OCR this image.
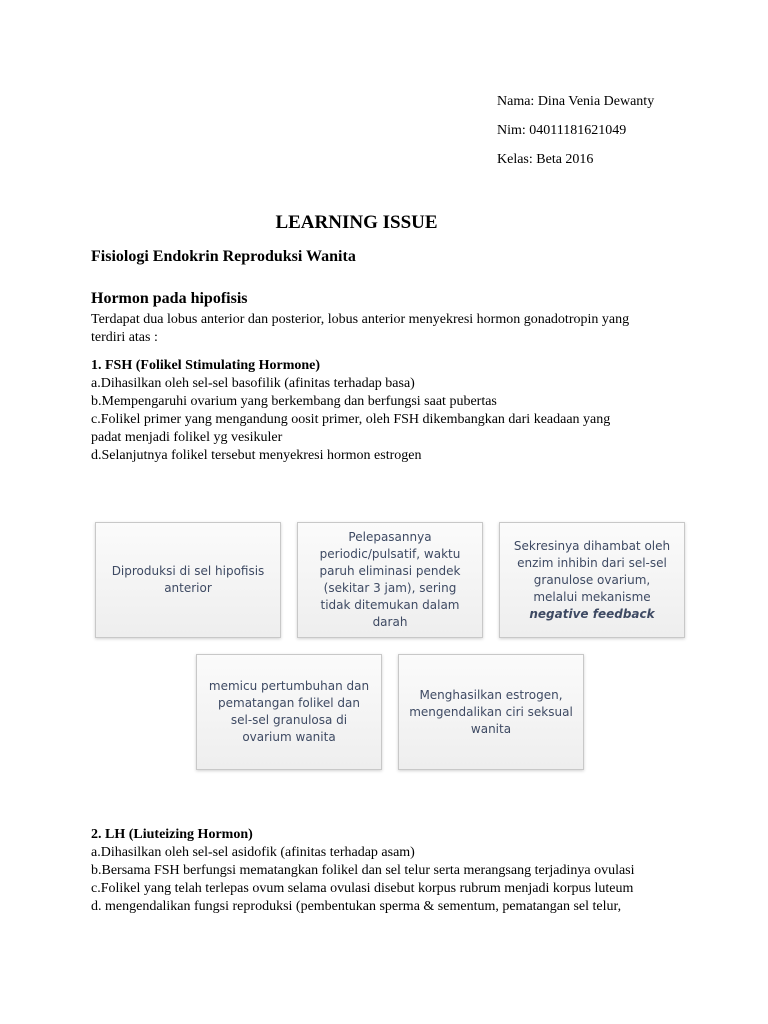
Nama: Dina Venia Dewanty
Nim: 04011181621049
Kelas: Beta 2016
LEARNING ISSUE
Fisiologi Endokrin Reproduksi Wanita
Hormon pada hipofisis
Terdapat dua lobus anterior dan posterior, lobus anterior menyekresi hormon gonadotropin yang
terdiri atas :
1. FSH (Folikel Stimulating Hormone)
a.Dihasilkan oleh sel-sel basofilik (afinitas terhadap basa)
b.Mempengaruhi ovarium yang berkembang dan berfungsi saat pubertas
c.Folikel primer yang mengandung oosit primer, oleh FSH dikembangkan dari keadaan yang
padat menjadi folikel yg vesikuler
d.Selanjutnya folikel tersebut menyekresi hormon estrogen
Diproduksi di sel hipofisis anterior
Pelepasannya periodic/pulsatif, waktu paruh eliminasi pendek (sekitar 3 jam), sering tidak ditemukan dalam darah
Sekresinya dihambat oleh enzim inhibin dari sel-sel granulose ovarium, melalui mekanisme negative feedback
memicu pertumbuhan dan pematangan folikel dan sel-sel granulosa di ovarium wanita
Menghasilkan estrogen, mengendalikan ciri seksual wanita
2. LH (Liuteizing Hormon)
a.Dihasilkan oleh sel-sel asidofik (afinitas terhadap asam)
b.Bersama FSH berfungsi mematangkan folikel dan sel telur serta merangsang terjadinya ovulasi
c.Folikel yang telah terlepas ovum selama ovulasi disebut korpus rubrum menjadi korpus luteum
d. mengendalikan fungsi reproduksi (pembentukan sperma & sementum, pematangan sel telur,
